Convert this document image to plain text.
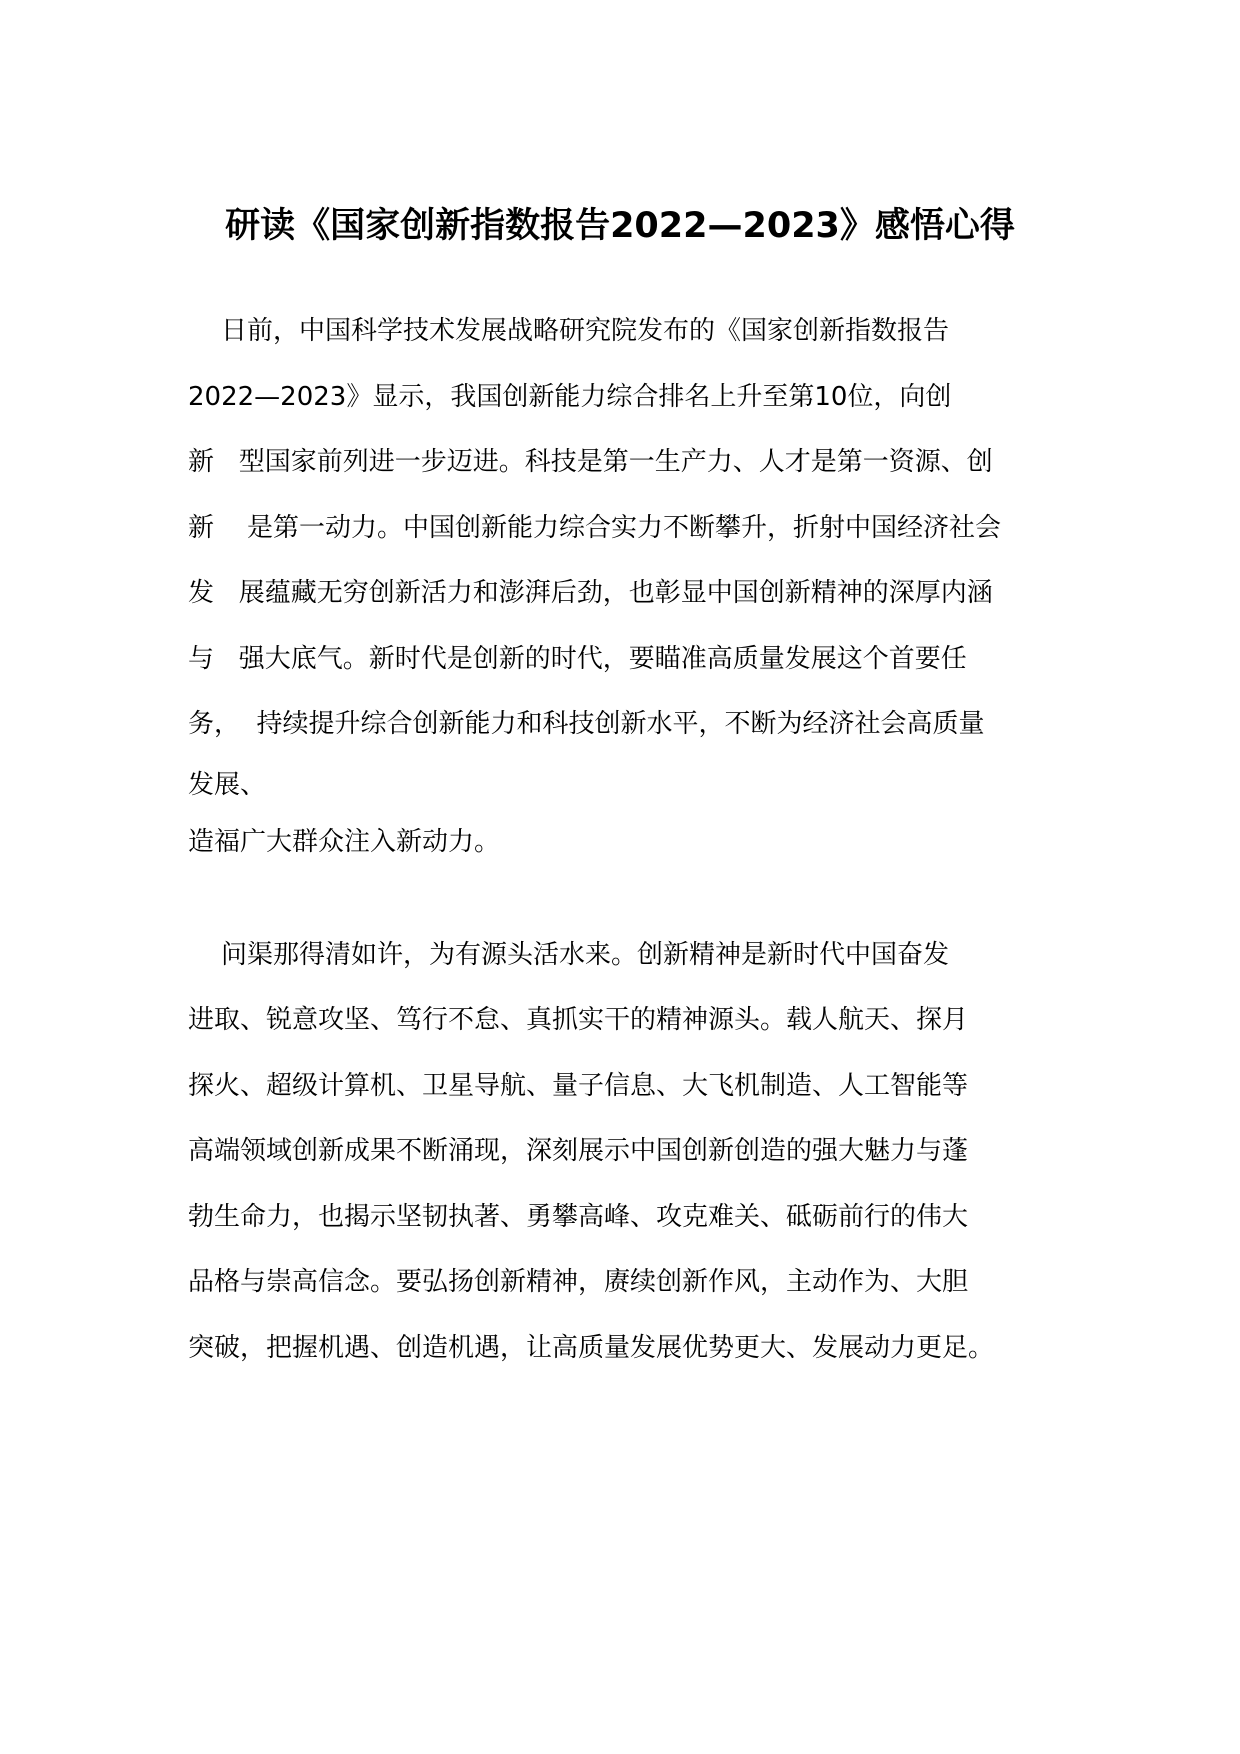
研读《国家创新指数报告2022—2023》感悟心得
日前，中国科学技术发展战略研究院发布的《国家创新指数报告
2022—2023》显示，我国创新能力综合排名上升至第10位，向创
新   型国家前列进一步迈进。科技是第一生产力、人才是第一资源、创
新    是第一动力。中国创新能力综合实力不断攀升，折射中国经济社会
发   展蕴藏无穷创新活力和澎湃后劲，也彰显中国创新精神的深厚内涵
与   强大底气。新时代是创新的时代，要瞄准高质量发展这个首要任
务，  持续提升综合创新能力和科技创新水平，不断为经济社会高质量
发展、
造福广大群众注入新动力。
问渠那得清如许，为有源头活水来。创新精神是新时代中国奋发
进取、锐意攻坚、笃行不怠、真抓实干的精神源头。载人航天、探月
探火、超级计算机、卫星导航、量子信息、大飞机制造、人工智能等
高端领域创新成果不断涌现，深刻展示中国创新创造的强大魅力与蓬
勃生命力，也揭示坚韧执著、勇攀高峰、攻克难关、砥砺前行的伟大
品格与崇高信念。要弘扬创新精神，赓续创新作风，主动作为、大胆
突破，把握机遇、创造机遇，让高质量发展优势更大、发展动力更足。
